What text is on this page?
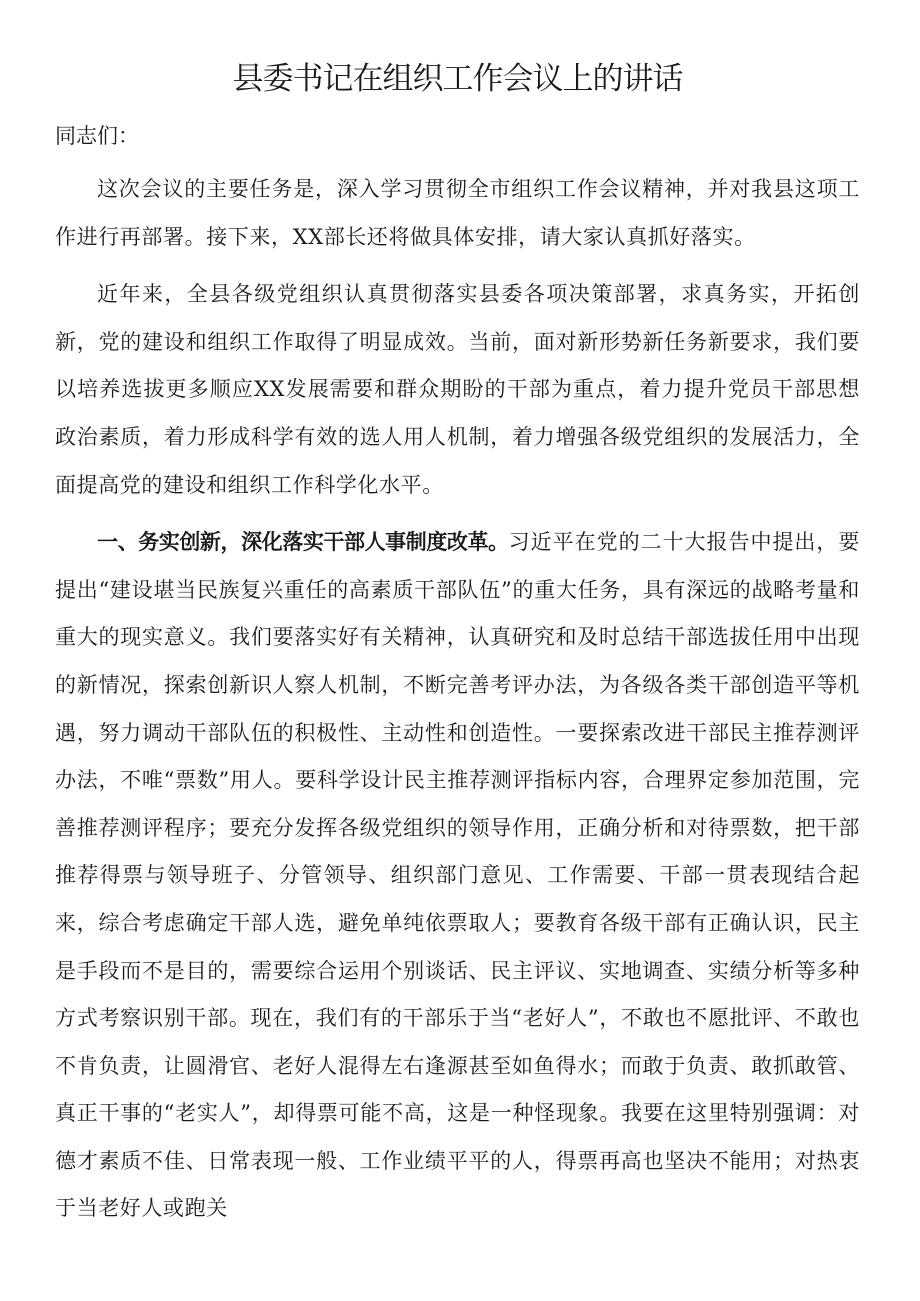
县委书记在组织工作会议上的讲话

同志们：

这次会议的主要任务是，深入学习贯彻全市组织工作会议精神，并对我县这项工作进行再部署。接下来，XX部长还将做具体安排，请大家认真抓好落实。

近年来，全县各级党组织认真贯彻落实县委各项决策部署，求真务实，开拓创新，党的建设和组织工作取得了明显成效。当前，面对新形势新任务新要求，我们要以培养选拔更多顺应XX发展需要和群众期盼的干部为重点，着力提升党员干部思想政治素质，着力形成科学有效的选人用人机制，着力增强各级党组织的发展活力，全面提高党的建设和组织工作科学化水平。

一、务实创新，深化落实干部人事制度改革。习近平在党的二十大报告中提出，要提出“建设堪当民族复兴重任的高素质干部队伍”的重大任务，具有深远的战略考量和重大的现实意义。我们要落实好有关精神，认真研究和及时总结干部选拔任用中出现的新情况，探索创新识人察人机制，不断完善考评办法，为各级各类干部创造平等机遇，努力调动干部队伍的积极性、主动性和创造性。一要探索改进干部民主推荐测评办法，不唯“票数”用人。要科学设计民主推荐测评指标内容，合理界定参加范围，完善推荐测评程序；要充分发挥各级党组织的领导作用，正确分析和对待票数，把干部推荐得票与领导班子、分管领导、组织部门意见、工作需要、干部一贯表现结合起来，综合考虑确定干部人选，避免单纯依票取人；要教育各级干部有正确认识，民主是手段而不是目的，需要综合运用个别谈话、民主评议、实地调查、实绩分析等多种方式考察识别干部。现在，我们有的干部乐于当“老好人”，不敢也不愿批评、不敢也不肯负责，让圆滑官、老好人混得左右逢源甚至如鱼得水；而敢于负责、敢抓敢管、真正干事的“老实人”，却得票可能不高，这是一种怪现象。我要在这里特别强调：对德才素质不佳、日常表现一般、工作业绩平平的人，得票再高也坚决不能用；对热衷于当老好人或跑关
